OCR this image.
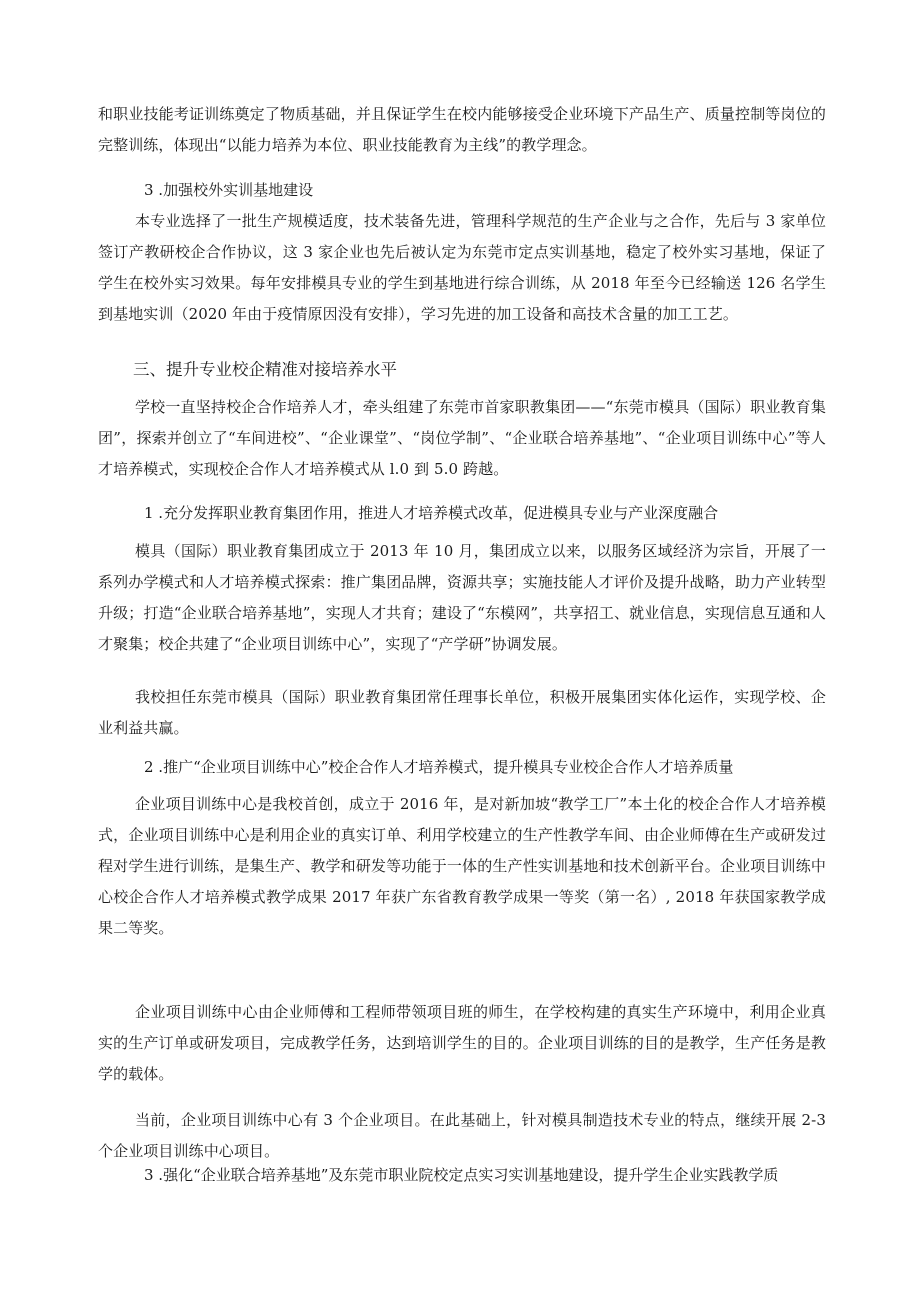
和职业技能考证训练奠定了物质基础，并且保证学生在校内能够接受企业环境下产品生产、质量控制等岗位的完整训练，体现出“以能力培养为本位、职业技能教育为主线”的教学理念。

3 .加强校外实训基地建设

本专业选择了一批生产规模适度，技术装备先进，管理科学规范的生产企业与之合作，先后与 3 家单位签订产教研校企合作协议，这 3 家企业也先后被认定为东莞市定点实训基地，稳定了校外实习基地，保证了学生在校外实习效果。每年安排模具专业的学生到基地进行综合训练，从 2018 年至今已经输送 126 名学生到基地实训（2020 年由于疫情原因没有安排），学习先进的加工设备和高技术含量的加工工艺。

三、提升专业校企精准对接培养水平

学校一直坚持校企合作培养人才，牵头组建了东莞市首家职教集团——“东莞市模具（国际）职业教育集团”，探索并创立了“车间进校”、“企业课堂”、“岗位学制”、“企业联合培养基地”、“企业项目训练中心”等人才培养模式，实现校企合作人才培养模式从 l.0 到 5.0 跨越。

1 .充分发挥职业教育集团作用，推进人才培养模式改革，促进模具专业与产业深度融合

模具（国际）职业教育集团成立于 2013 年 10 月，集团成立以来，以服务区域经济为宗旨，开展了一系列办学模式和人才培养模式探索：推广集团品牌，资源共享；实施技能人才评价及提升战略，助力产业转型升级；打造“企业联合培养基地”，实现人才共育；建设了“东模网”，共享招工、就业信息，实现信息互通和人才聚集；校企共建了“企业项目训练中心”，实现了“产学研”协调发展。

我校担任东莞市模具（国际）职业教育集团常任理事长单位，积极开展集团实体化运作，实现学校、企业利益共赢。

2 .推广“企业项目训练中心”校企合作人才培养模式，提升模具专业校企合作人才培养质量

企业项目训练中心是我校首创，成立于 2016 年，是对新加坡“教学工厂”本土化的校企合作人才培养模式，企业项目训练中心是利用企业的真实订单、利用学校建立的生产性教学车间、由企业师傅在生产或研发过程对学生进行训练，是集生产、教学和研发等功能于一体的生产性实训基地和技术创新平台。企业项目训练中心校企合作人才培养模式教学成果 2017 年获广东省教育教学成果一等奖（第一名）, 2018 年获国家教学成果二等奖。

企业项目训练中心由企业师傅和工程师带领项目班的师生，在学校构建的真实生产环境中，利用企业真实的生产订单或研发项目，完成教学任务，达到培训学生的目的。企业项目训练的目的是教学，生产任务是教学的载体。

当前，企业项目训练中心有 3 个企业项目。在此基础上，针对模具制造技术专业的特点，继续开展 2-3 个企业项目训练中心项目。

3 .强化“企业联合培养基地”及东莞市职业院校定点实习实训基地建设，提升学生企业实践教学质
